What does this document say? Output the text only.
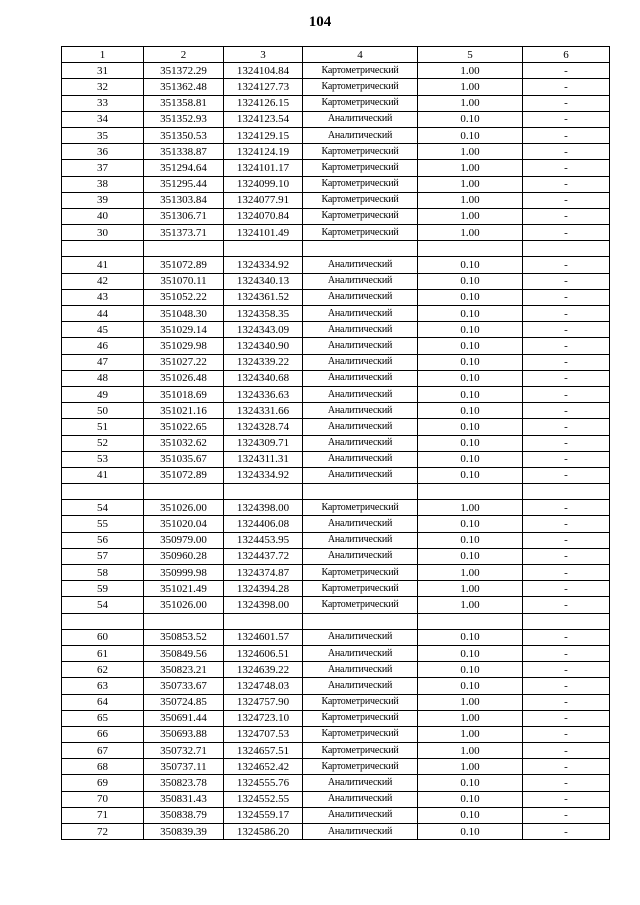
104
1	2	3	4	5	6
31	351372.29	1324104.84	Картометрический	1.00	-
32	351362.48	1324127.73	Картометрический	1.00	-
33	351358.81	1324126.15	Картометрический	1.00	-
34	351352.93	1324123.54	Аналитический	0.10	-
35	351350.53	1324129.15	Аналитический	0.10	-
36	351338.87	1324124.19	Картометрический	1.00	-
37	351294.64	1324101.17	Картометрический	1.00	-
38	351295.44	1324099.10	Картометрический	1.00	-
39	351303.84	1324077.91	Картометрический	1.00	-
40	351306.71	1324070.84	Картометрический	1.00	-
30	351373.71	1324101.49	Картометрический	1.00	-

41	351072.89	1324334.92	Аналитический	0.10	-
42	351070.11	1324340.13	Аналитический	0.10	-
43	351052.22	1324361.52	Аналитический	0.10	-
44	351048.30	1324358.35	Аналитический	0.10	-
45	351029.14	1324343.09	Аналитический	0.10	-
46	351029.98	1324340.90	Аналитический	0.10	-
47	351027.22	1324339.22	Аналитический	0.10	-
48	351026.48	1324340.68	Аналитический	0.10	-
49	351018.69	1324336.63	Аналитический	0.10	-
50	351021.16	1324331.66	Аналитический	0.10	-
51	351022.65	1324328.74	Аналитический	0.10	-
52	351032.62	1324309.71	Аналитический	0.10	-
53	351035.67	1324311.31	Аналитический	0.10	-
41	351072.89	1324334.92	Аналитический	0.10	-

54	351026.00	1324398.00	Картометрический	1.00	-
55	351020.04	1324406.08	Аналитический	0.10	-
56	350979.00	1324453.95	Аналитический	0.10	-
57	350960.28	1324437.72	Аналитический	0.10	-
58	350999.98	1324374.87	Картометрический	1.00	-
59	351021.49	1324394.28	Картометрический	1.00	-
54	351026.00	1324398.00	Картометрический	1.00	-

60	350853.52	1324601.57	Аналитический	0.10	-
61	350849.56	1324606.51	Аналитический	0.10	-
62	350823.21	1324639.22	Аналитический	0.10	-
63	350733.67	1324748.03	Аналитический	0.10	-
64	350724.85	1324757.90	Картометрический	1.00	-
65	350691.44	1324723.10	Картометрический	1.00	-
66	350693.88	1324707.53	Картометрический	1.00	-
67	350732.71	1324657.51	Картометрический	1.00	-
68	350737.11	1324652.42	Картометрический	1.00	-
69	350823.78	1324555.76	Аналитический	0.10	-
70	350831.43	1324552.55	Аналитический	0.10	-
71	350838.79	1324559.17	Аналитический	0.10	-
72	350839.39	1324586.20	Аналитический	0.10	-
